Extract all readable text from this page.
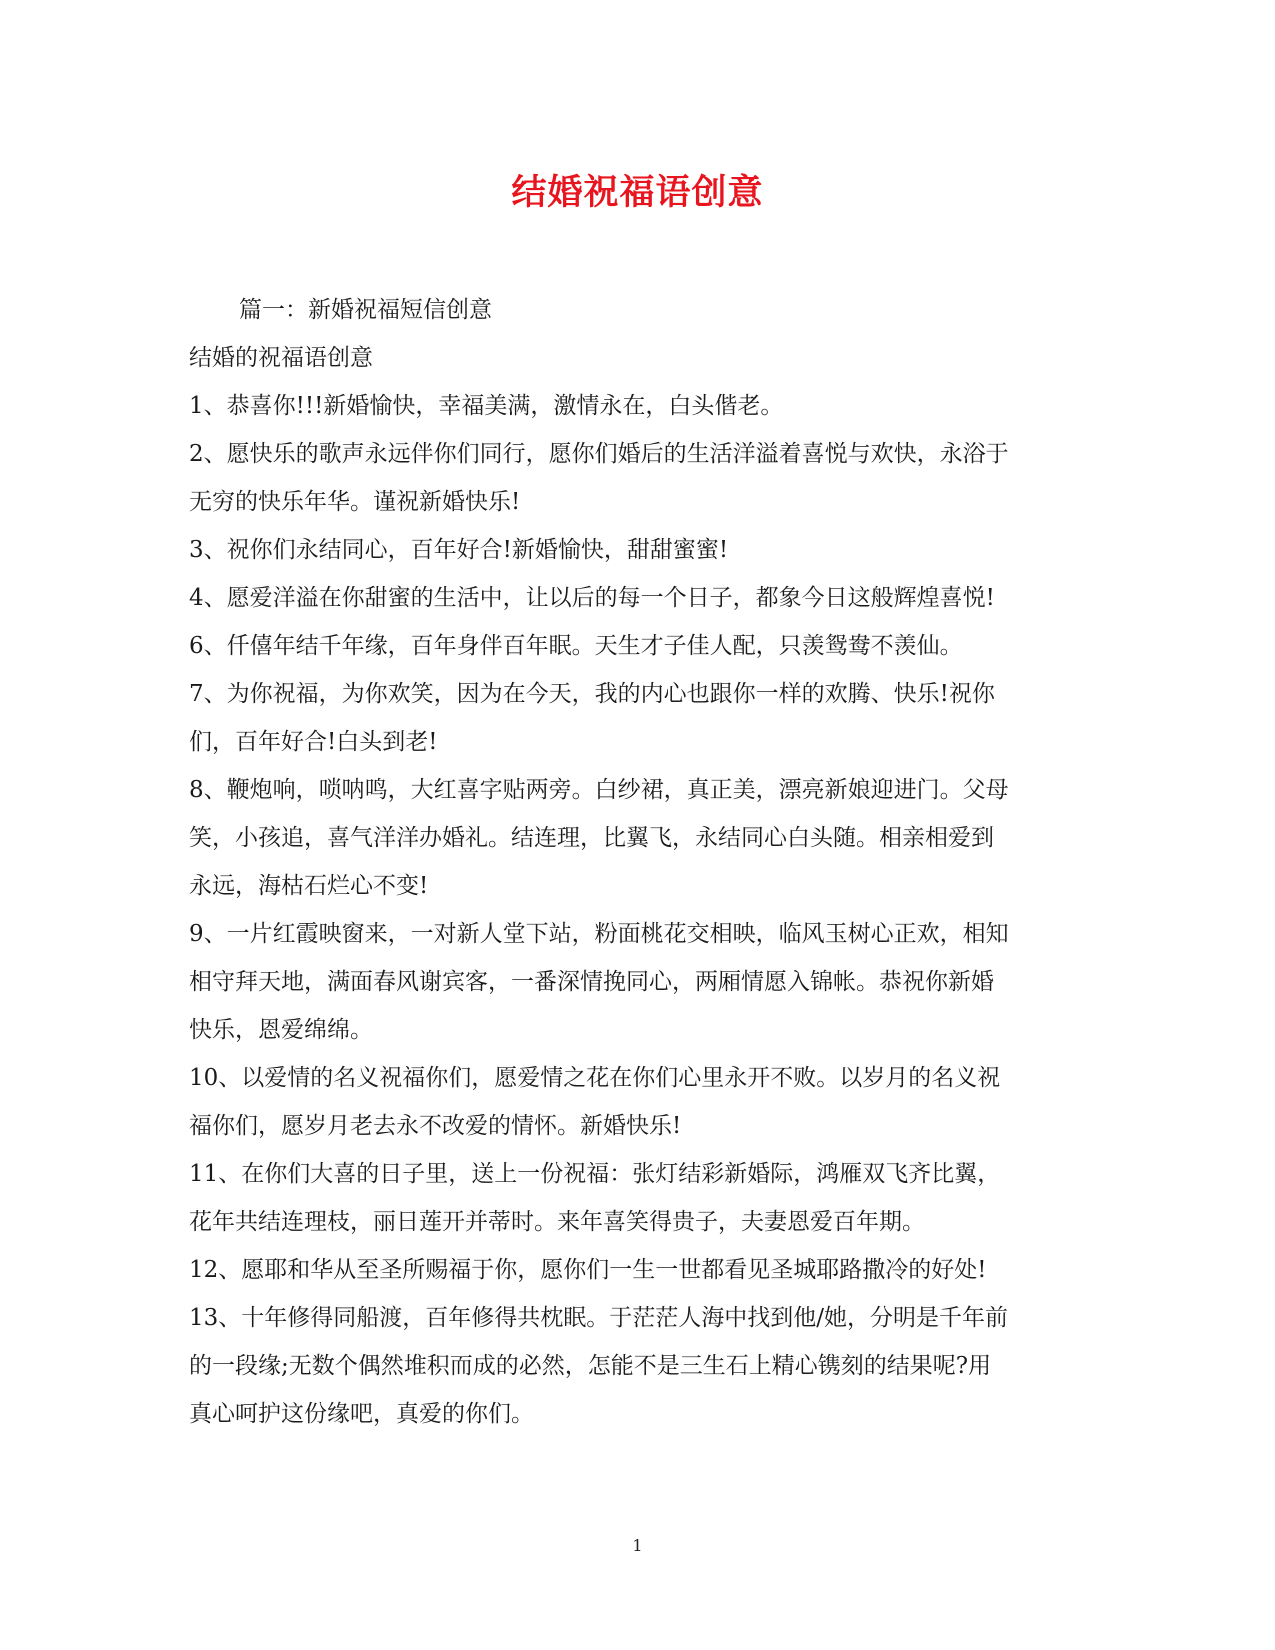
结婚祝福语创意
篇一：新婚祝福短信创意
结婚的祝福语创意
1、恭喜你!!!新婚愉快，幸福美满，激情永在，白头偕老。
2、愿快乐的歌声永远伴你们同行，愿你们婚后的生活洋溢着喜悦与欢快，永浴于
无穷的快乐年华。谨祝新婚快乐!
3、祝你们永结同心，百年好合!新婚愉快，甜甜蜜蜜!
4、愿爱洋溢在你甜蜜的生活中，让以后的每一个日子，都象今日这般辉煌喜悦!
6、仟僖年结千年缘，百年身伴百年眠。天生才子佳人配，只羡鸳鸯不羡仙。
7、为你祝福，为你欢笑，因为在今天，我的内心也跟你一样的欢腾、快乐!祝你
们，百年好合!白头到老!
8、鞭炮响，唢呐鸣，大红喜字贴两旁。白纱裙，真正美，漂亮新娘迎进门。父母
笑，小孩追，喜气洋洋办婚礼。结连理，比翼飞，永结同心白头随。相亲相爱到
永远，海枯石烂心不变!
9、一片红霞映窗来，一对新人堂下站，粉面桃花交相映，临风玉树心正欢，相知
相守拜天地，满面春风谢宾客，一番深情挽同心，两厢情愿入锦帐。恭祝你新婚
快乐，恩爱绵绵。
10、以爱情的名义祝福你们，愿爱情之花在你们心里永开不败。以岁月的名义祝
福你们，愿岁月老去永不改爱的情怀。新婚快乐!
11、在你们大喜的日子里，送上一份祝福：张灯结彩新婚际，鸿雁双飞齐比翼，
花年共结连理枝，丽日莲开并蒂时。来年喜笑得贵子，夫妻恩爱百年期。
12、愿耶和华从至圣所赐福于你，愿你们一生一世都看见圣城耶路撒冷的好处!
13、十年修得同船渡，百年修得共枕眠。于茫茫人海中找到他/她，分明是千年前
的一段缘;无数个偶然堆积而成的必然，怎能不是三生石上精心镌刻的结果呢?用
真心呵护这份缘吧，真爱的你们。
1
